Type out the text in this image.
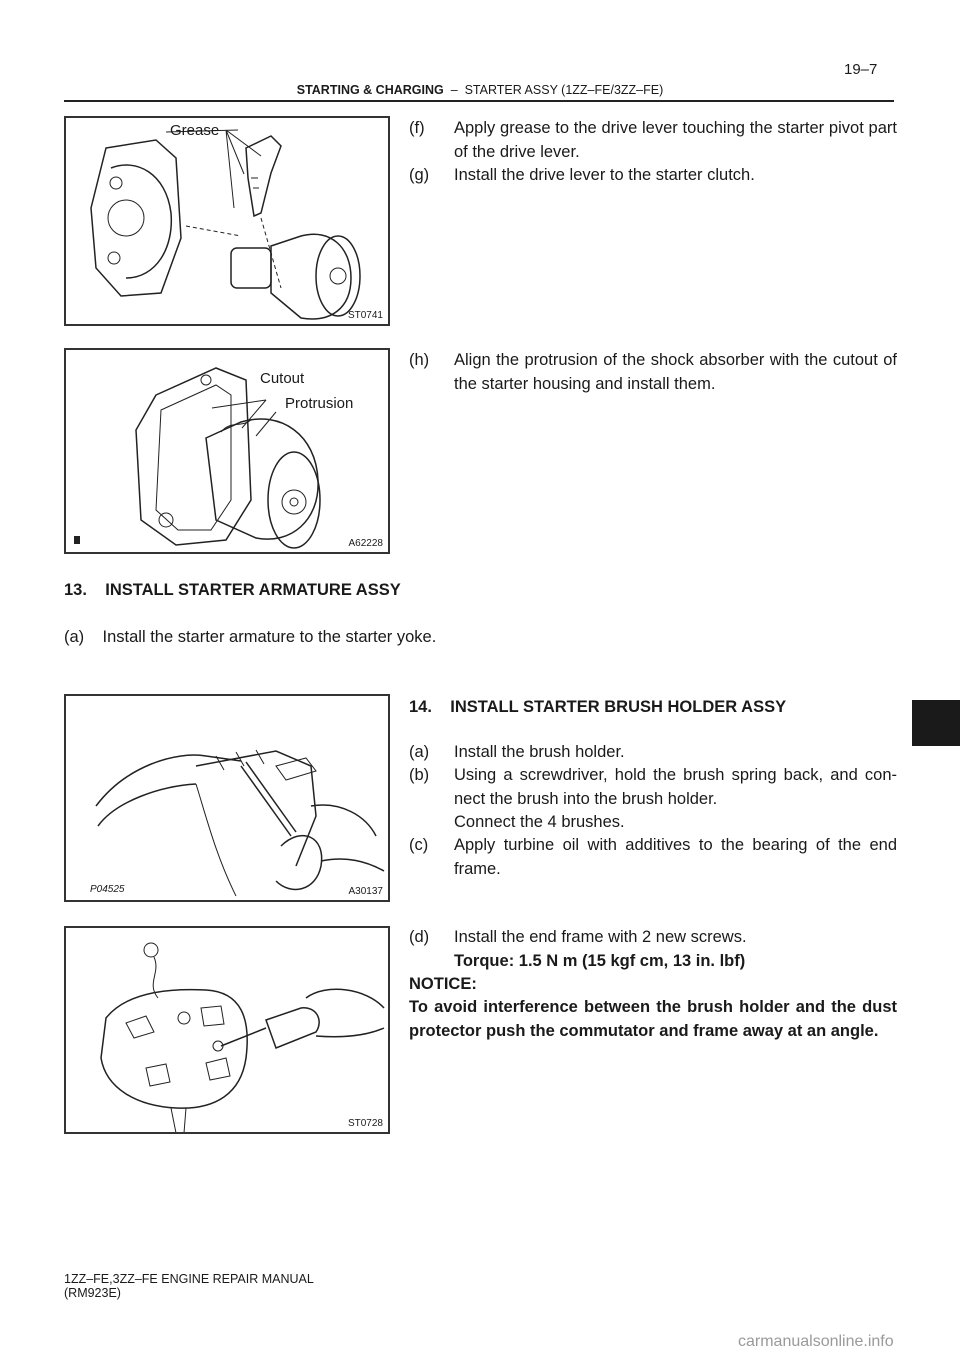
19–7
STARTING & CHARGING – STARTER ASSY (1ZZ–FE/3ZZ–FE)
Grease
ST0741
Cutout
Protrusion
A62228
P04525	A30137
ST0728
(f) Apply grease to the drive lever touching the starter pivot part of the drive lever.
(g) Install the drive lever to the starter clutch.
(h) Align the protrusion of the shock absorber with the cutout of the starter housing and install them.
13.    INSTALL STARTER ARMATURE ASSY
(a)    Install the starter armature to the starter yoke.
14.    INSTALL STARTER BRUSH HOLDER ASSY
(a) Install the brush holder.
(b) Using a screwdriver, hold the brush spring back, and con- nect the brush into the brush holder.
Connect the 4 brushes.
(c) Apply turbine oil with additives to the bearing of the end frame.
(d) Install the end frame with 2 new screws.
Torque: 1.5 N m (15 kgf cm, 13 in. lbf)
NOTICE:
To avoid interference between the brush holder and the dust protector push the commutator and frame away at an angle.
1ZZ–FE,3ZZ–FE ENGINE REPAIR MANUAL
(RM923E)
carmanualsonline.info
